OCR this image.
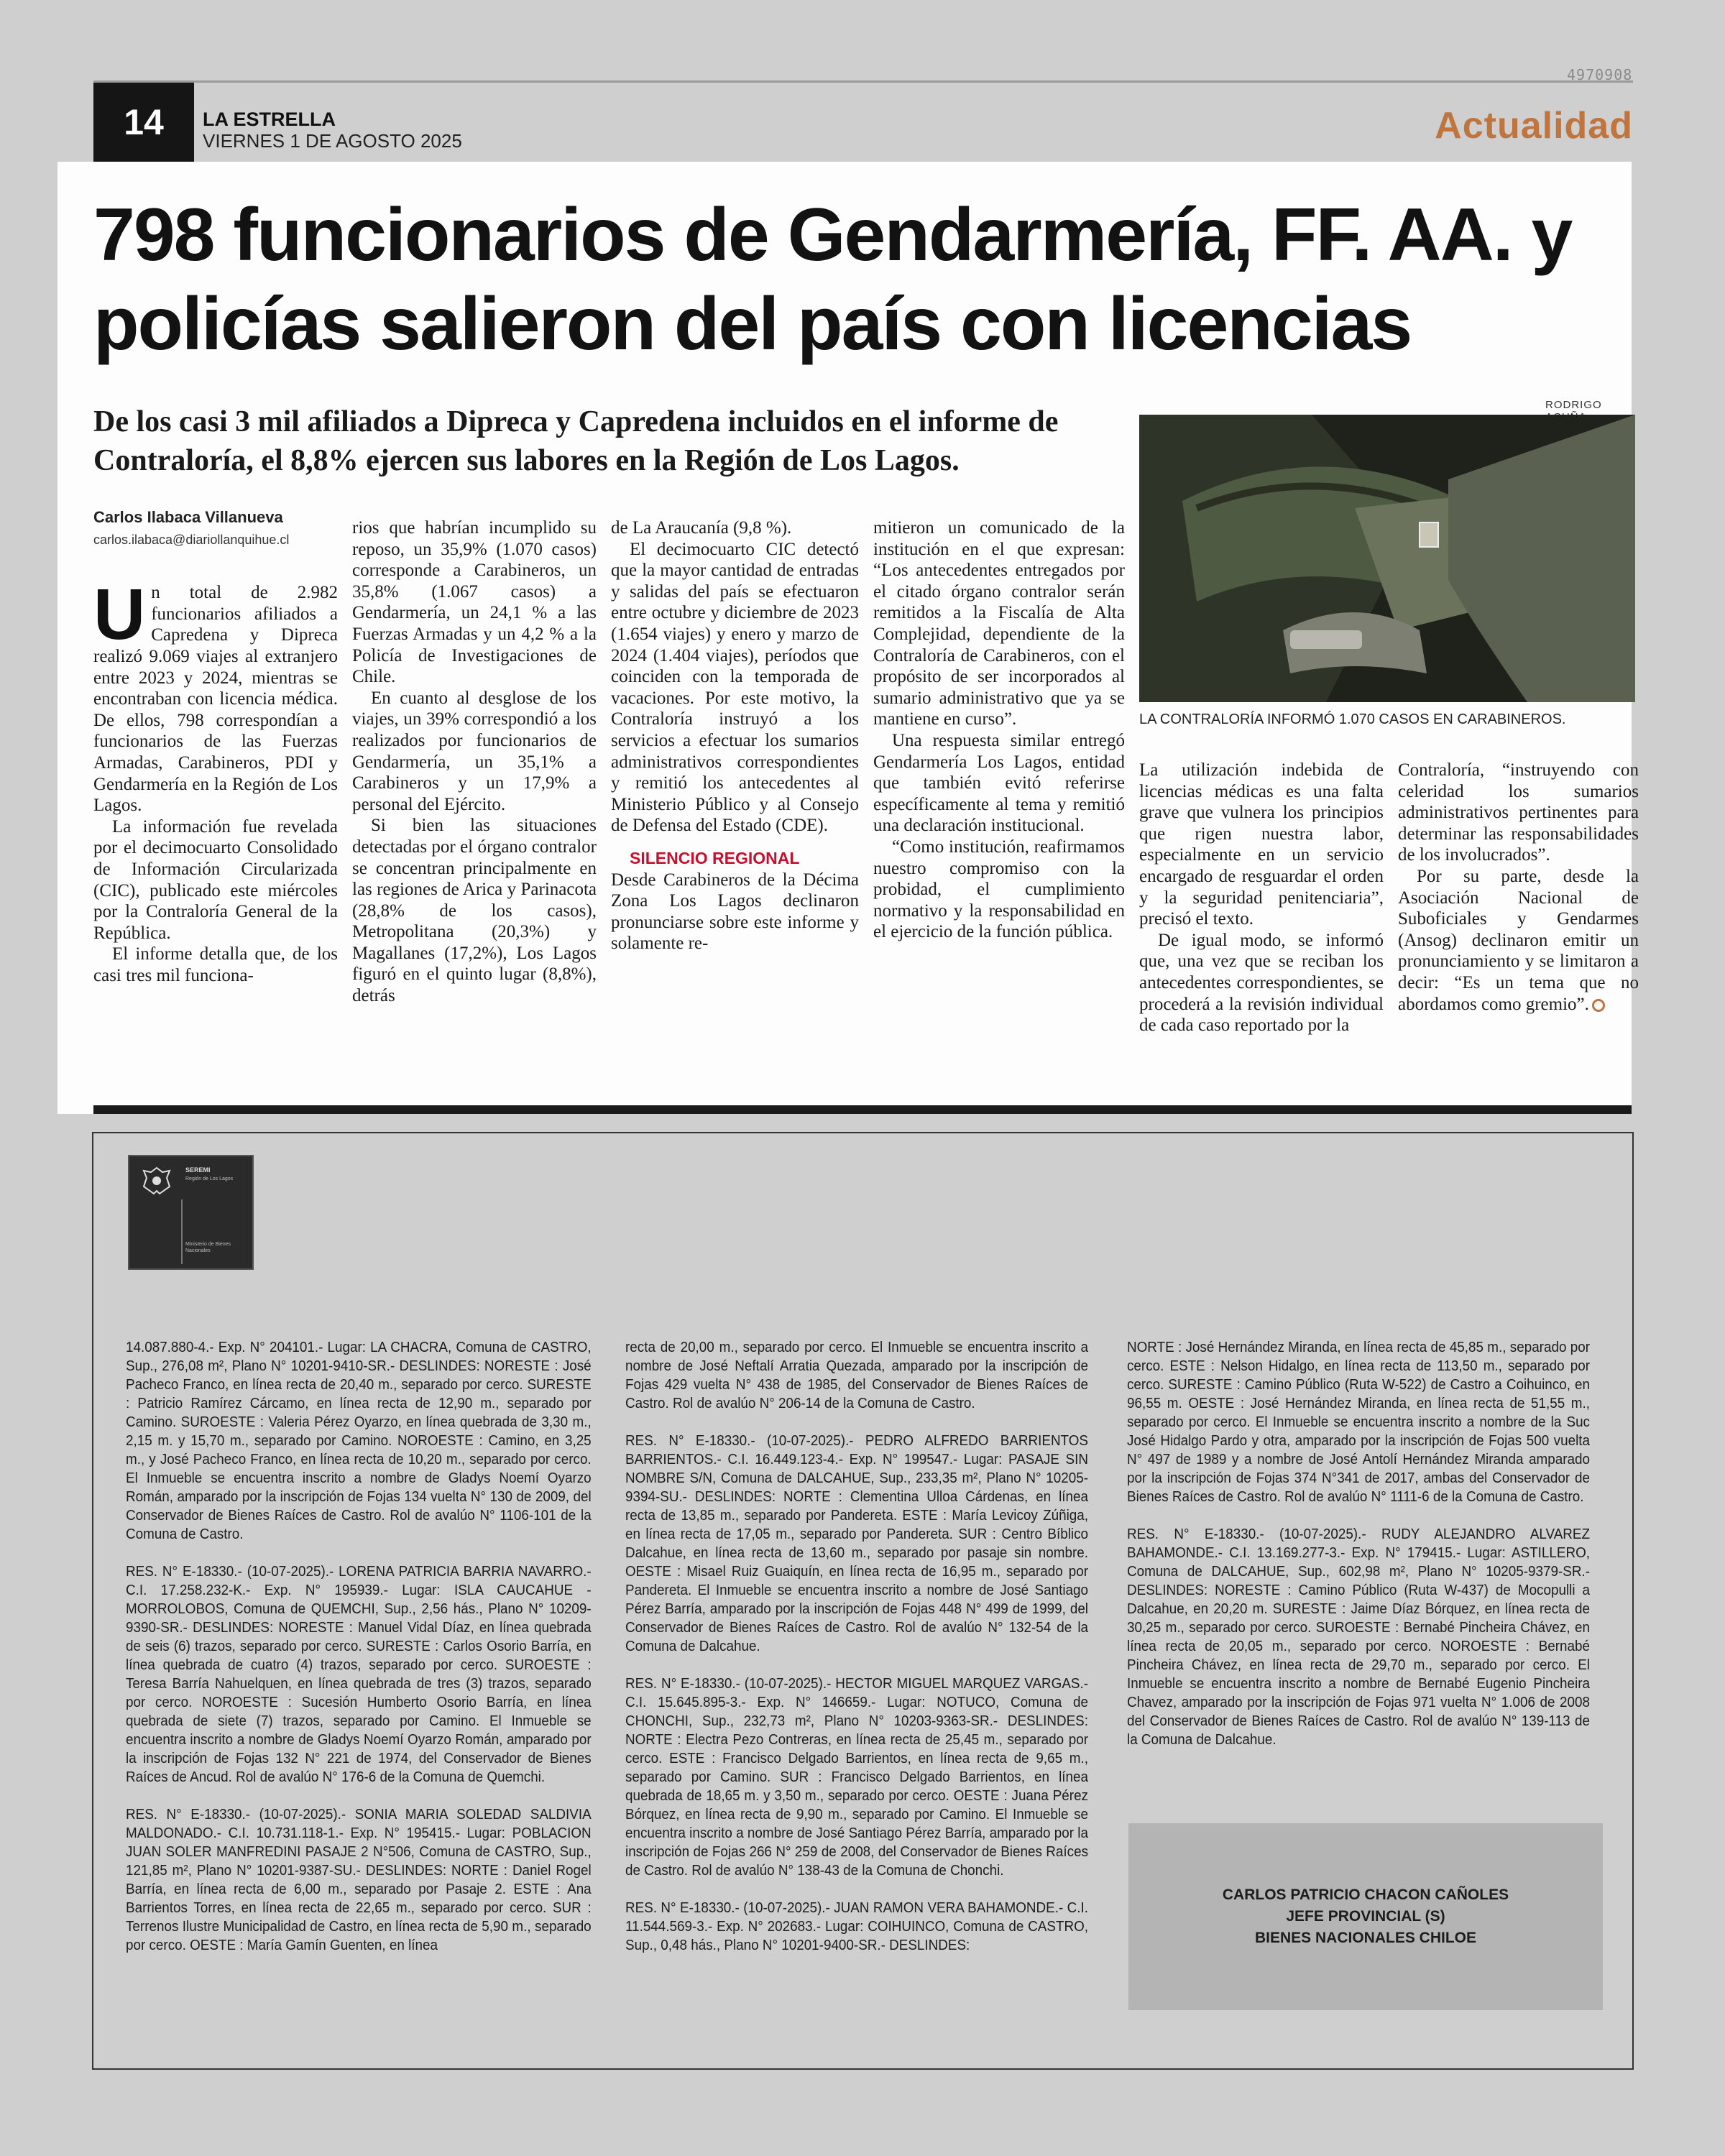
4970908
14	LA ESTRELLA
VIERNES 1 DE AGOSTO 2025	Actualidad
798 funcionarios de Gendarmería, FF. AA. y policías salieron del país con licencias
De los casi 3 mil afiliados a Dipreca y Capredena incluidos en el informe de Contraloría, el 8,8% ejercen sus labores en la Región de Los Lagos.
RODRIGO
LA CONTRALORÍA INFORMÓ 1.070 CASOS EN CARABINEROS.

Carlos Ilabaca Villanueva

carlos.ilabaca@diariollanquihue.cl

Un total de 2.982 funcionarios afiliados a Capredena y Dipreca realizó 9.069 viajes al extranjero entre 2023 y 2024, mientras se encontraban con licencia médica. De ellos, 798 correspondían a funcionarios de las Fuerzas Armadas, Carabineros, PDI y Gendarmería en la Región de Los Lagos.

La información fue revelada por el decimocuarto Consolidado de Información Circularizada (CIC), publicado este miércoles por la Contraloría General de la República.

El informe detalla que, de los casi tres mil funciona-

rios que habrían incumplido su reposo, un 35,9% (1.070 casos) corresponde a Carabineros, un 35,8% (1.067 casos) a Gendarmería, un 24,1 % a las Fuerzas Armadas y un 4,2 % a la Policía de Investigaciones de Chile.

En cuanto al desglose de los viajes, un 39% correspondió a los realizados por funcionarios de Gendarmería, un 35,1% a Carabineros y un 17,9% a personal del Ejército.

Si bien las situaciones detectadas por el órgano contralor se concentran principalmente en las regiones de Arica y Parinacota (28,8% de los casos), Metropolitana (20,3%) y Magallanes (17,2%), Los Lagos figuró en el quinto lugar (8,8%), detrás

de La Araucanía (9,8 %).

El decimocuarto CIC detectó que la mayor cantidad de entradas y salidas del país se efectuaron entre octubre y diciembre de 2023 (1.654 viajes) y enero y marzo de 2024 (1.404 viajes), períodos que coinciden con la temporada de vacaciones. Por este motivo, la Contraloría instruyó a los servicios a efectuar los sumarios administrativos correspondientes y remitió los antecedentes al Ministerio Público y al Consejo de Defensa del Estado (CDE).

SILENCIO REGIONAL

Desde Carabineros de la Décima Zona Los Lagos declinaron pronunciarse sobre este informe y solamente re-

mitieron un comunicado de la institución en el que expresan: “Los antecedentes entregados por el citado órgano contralor serán remitidos a la Fiscalía de Alta Complejidad, dependiente de la Contraloría de Carabineros, con el propósito de ser incorporados al sumario administrativo que ya se mantiene en curso”.

Una respuesta similar entregó Gendarmería Los Lagos, entidad que también evitó referirse específicamente al tema y remitió una declaración institucional.

“Como institución, reafirmamos nuestro compromiso con la probidad, el cumplimiento normativo y la responsabilidad en el ejercicio de la función pública.

La utilización indebida de licencias médicas es una falta grave que vulnera los principios que rigen nuestra labor, especialmente en un servicio encargado de resguardar el orden y la seguridad penitenciaria”, precisó el texto.

De igual modo, se informó que, una vez que se reciban los antecedentes correspondientes, se procederá a la revisión individual de cada caso reportado por la

Contraloría, “instruyendo con celeridad los sumarios administrativos pertinentes para determinar las responsabilidades de los involucrados”.

Por su parte, desde la Asociación Nacional de Suboficiales y Gendarmes (Ansog) declinaron emitir un pronunciamiento y se limitaron a decir: “Es un tema que no abordamos como gremio”.

SEREMI
Región de Los Lagos
Ministerio de Bienes Nacionales

14.087.880-4.- Exp. N° 204101.- Lugar: LA CHACRA, Comuna de CASTRO, Sup., 276,08 m², Plano N° 10201-9410-SR.- DESLINDES: NORESTE : José Pacheco Franco, en línea recta de 20,40 m., separado por cerco. SURESTE : Patricio Ramírez Cárcamo, en línea recta de 12,90 m., separado por Camino. SUROESTE : Valeria Pérez Oyarzo, en línea quebrada de 3,30 m., 2,15 m. y 15,70 m., separado por Camino. NOROESTE : Camino, en 3,25 m., y José Pacheco Franco, en línea recta de 10,20 m., separado por cerco. El Inmueble se encuentra inscrito a nombre de Gladys Noemí Oyarzo Román, amparado por la inscripción de Fojas 134 vuelta N° 130 de 2009, del Conservador de Bienes Raíces de Castro. Rol de avalúo N° 1106-101 de la Comuna de Castro.

RES. N° E-18330.- (10-07-2025).- LORENA PATRICIA BARRIA NAVARRO.- C.I. 17.258.232-K.- Exp. N° 195939.- Lugar: ISLA CAUCAHUE - MORROLOBOS, Comuna de QUEMCHI, Sup., 2,56 hás., Plano N° 10209-9390-SR.- DESLINDES: NORESTE : Manuel Vidal Díaz, en línea quebrada de seis (6) trazos, separado por cerco. SURESTE : Carlos Osorio Barría, en línea quebrada de cuatro (4) trazos, separado por cerco. SUROESTE : Teresa Barría Nahuelquen, en línea quebrada de tres (3) trazos, separado por cerco. NOROESTE : Sucesión Humberto Osorio Barría, en línea quebrada de siete (7) trazos, separado por Camino. El Inmueble se encuentra inscrito a nombre de Gladys Noemí Oyarzo Román, amparado por la inscripción de Fojas 132 N° 221 de 1974, del Conservador de Bienes Raíces de Ancud. Rol de avalúo N° 176-6 de la Comuna de Quemchi.

RES. N° E-18330.- (10-07-2025).- SONIA MARIA SOLEDAD SALDIVIA MALDONADO.- C.I. 10.731.118-1.- Exp. N° 195415.- Lugar: POBLACION JUAN SOLER MANFREDINI PASAJE 2 N°506, Comuna de CASTRO, Sup., 121,85 m², Plano N° 10201-9387-SU.- DESLINDES: NORTE : Daniel Rogel Barría, en línea recta de 6,00 m., separado por Pasaje 2. ESTE : Ana Barrientos Torres, en línea recta de 22,65 m., separado por cerco. SUR : Terrenos Ilustre Municipalidad de Castro, en línea recta de 5,90 m., separado por cerco. OESTE : María Gamín Guenten, en línea

recta de 20,00 m., separado por cerco. El Inmueble se encuentra inscrito a nombre de José Neftalí Arratia Quezada, amparado por la inscripción de Fojas 429 vuelta N° 438 de 1985, del Conservador de Bienes Raíces de Castro. Rol de avalúo N° 206-14 de la Comuna de Castro.

RES. N° E-18330.- (10-07-2025).- PEDRO ALFREDO BARRIENTOS BARRIENTOS.- C.I. 16.449.123-4.- Exp. N° 199547.- Lugar: PASAJE SIN NOMBRE S/N, Comuna de DALCAHUE, Sup., 233,35 m², Plano N° 10205-9394-SU.- DESLINDES: NORTE : Clementina Ulloa Cárdenas, en línea recta de 13,85 m., separado por Pandereta. ESTE : María Levicoy Zúñiga, en línea recta de 17,05 m., separado por Pandereta. SUR : Centro Bíblico Dalcahue, en línea recta de 13,60 m., separado por pasaje sin nombre. OESTE : Misael Ruiz Guaiquín, en línea recta de 16,95 m., separado por Pandereta. El Inmueble se encuentra inscrito a nombre de José Santiago Pérez Barría, amparado por la inscripción de Fojas 448 N° 499 de 1999, del Conservador de Bienes Raíces de Castro. Rol de avalúo N° 132-54 de la Comuna de Dalcahue.

RES. N° E-18330.- (10-07-2025).- HECTOR MIGUEL MARQUEZ VARGAS.- C.I. 15.645.895-3.- Exp. N° 146659.- Lugar: NOTUCO, Comuna de CHONCHI, Sup., 232,73 m², Plano N° 10203-9363-SR.- DESLINDES: NORTE : Electra Pezo Contreras, en línea recta de 25,45 m., separado por cerco. ESTE : Francisco Delgado Barrientos, en línea recta de 9,65 m., separado por Camino. SUR : Francisco Delgado Barrientos, en línea quebrada de 18,65 m. y 3,50 m., separado por cerco. OESTE : Juana Pérez Bórquez, en línea recta de 9,90 m., separado por Camino. El Inmueble se encuentra inscrito a nombre de José Santiago Pérez Barría, amparado por la inscripción de Fojas 266 N° 259 de 2008, del Conservador de Bienes Raíces de Castro. Rol de avalúo N° 138-43 de la Comuna de Chonchi.

RES. N° E-18330.- (10-07-2025).- JUAN RAMON VERA BAHAMONDE.- C.I. 11.544.569-3.- Exp. N° 202683.- Lugar: COIHUINCO, Comuna de CASTRO, Sup., 0,48 hás., Plano N° 10201-9400-SR.- DESLINDES:

NORTE : José Hernández Miranda, en línea recta de 45,85 m., separado por cerco. ESTE : Nelson Hidalgo, en línea recta de 113,50 m., separado por cerco. SURESTE : Camino Público (Ruta W-522) de Castro a Coihuinco, en 96,55 m. OESTE : José Hernández Miranda, en línea recta de 51,55 m., separado por cerco. El Inmueble se encuentra inscrito a nombre de la Suc José Hidalgo Pardo y otra, amparado por la inscripción de Fojas 500 vuelta N° 497 de 1989 y a nombre de José Antolí Hernández Miranda amparado por la inscripción de Fojas 374 N°341 de 2017, ambas del Conservador de Bienes Raíces de Castro. Rol de avalúo N° 1111-6 de la Comuna de Castro.

RES. N° E-18330.- (10-07-2025).- RUDY ALEJANDRO ALVAREZ BAHAMONDE.- C.I. 13.169.277-3.- Exp. N° 179415.- Lugar: ASTILLERO, Comuna de DALCAHUE, Sup., 602,98 m², Plano N° 10205-9379-SR.- DESLINDES: NORESTE : Camino Público (Ruta W-437) de Mocopulli a Dalcahue, en 20,20 m. SURESTE : Jaime Díaz Bórquez, en línea recta de 30,25 m., separado por cerco. SUROESTE : Bernabé Pincheira Chávez, en línea recta de 20,05 m., separado por cerco. NOROESTE : Bernabé Pincheira Chávez, en línea recta de 29,70 m., separado por cerco. El Inmueble se encuentra inscrito a nombre de Bernabé Eugenio Pincheira Chavez, amparado por la inscripción de Fojas 971 vuelta N° 1.006 de 2008 del Conservador de Bienes Raíces de Castro. Rol de avalúo N° 139-113 de la Comuna de Dalcahue.

CARLOS PATRICIO CHACON CAÑOLES
JEFE PROVINCIAL (S)
BIENES NACIONALES CHILOE
